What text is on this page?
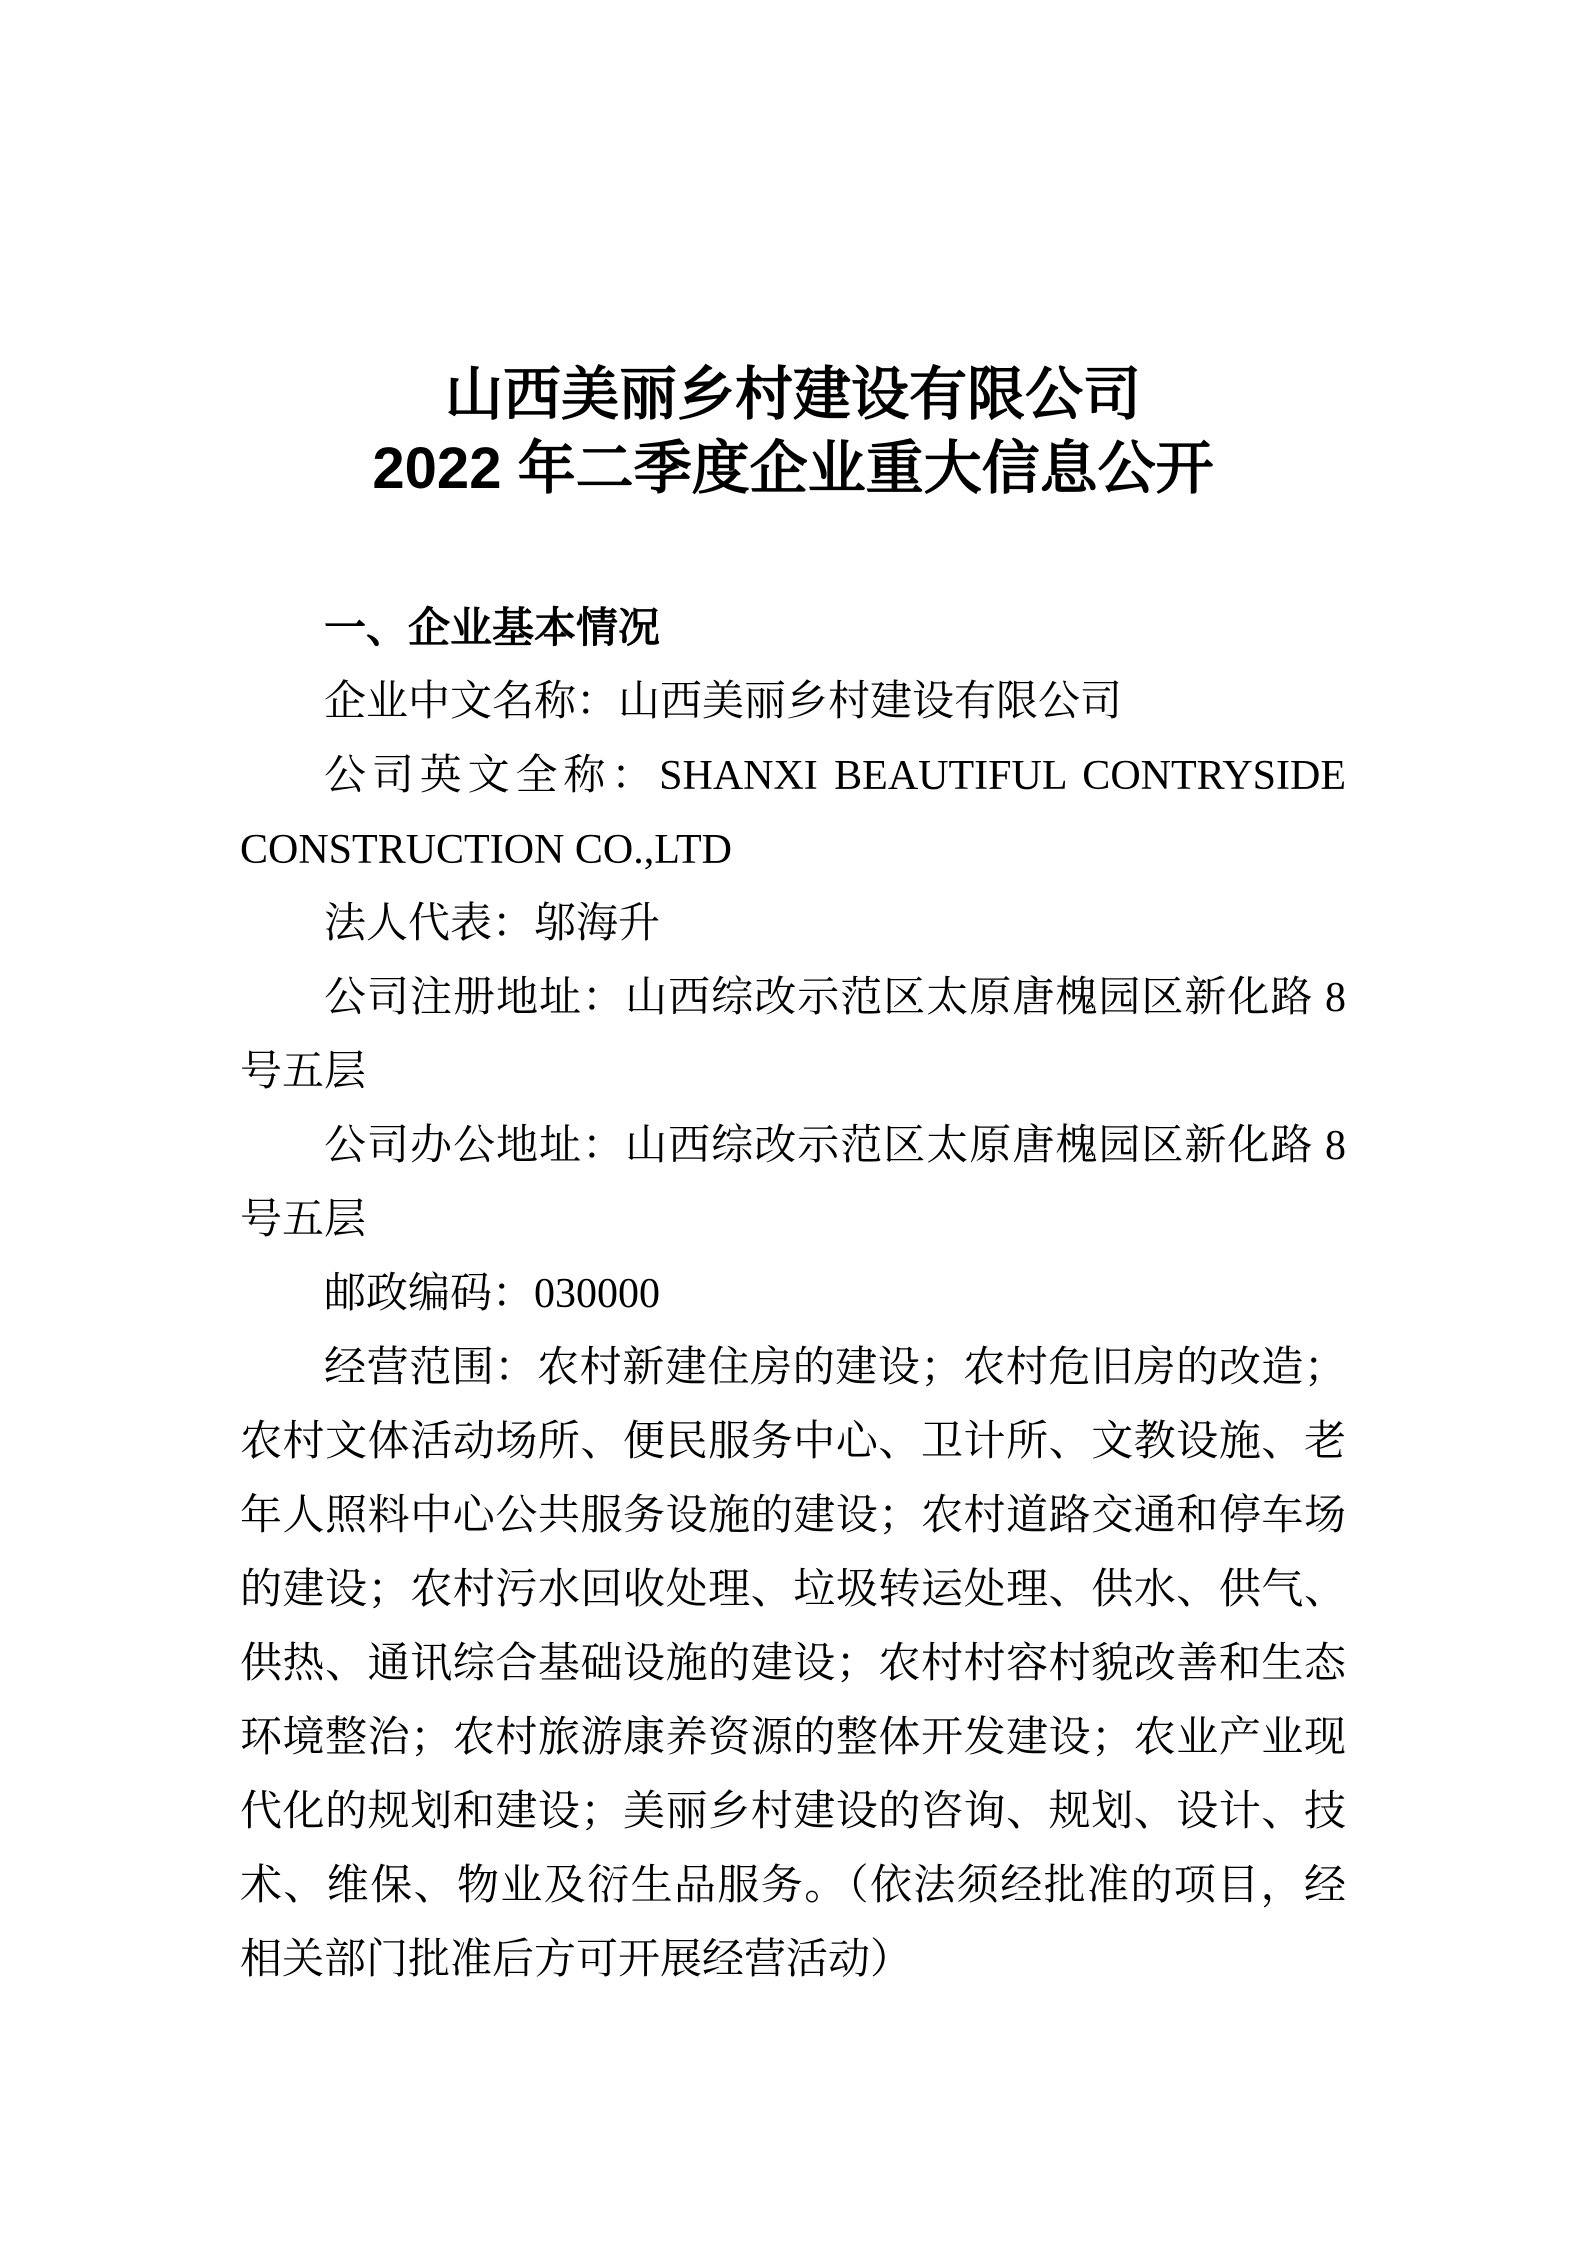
山西美丽乡村建设有限公司
2022 年二季度企业重大信息公开
一、企业基本情况
企业中文名称：山西美丽乡村建设有限公司
公司英文全称：SHANXI BEAUTIFUL CONTRYSIDE
CONSTRUCTION CO.,LTD
法人代表：邬海升
公司注册地址：山西综改示范区太原唐槐园区新化路 8
号五层
公司办公地址：山西综改示范区太原唐槐园区新化路 8
号五层
邮政编码：030000
经营范围：农村新建住房的建设；农村危旧房的改造；
农村文体活动场所、便民服务中心、卫计所、文教设施、老
年人照料中心公共服务设施的建设；农村道路交通和停车场
的建设；农村污水回收处理、垃圾转运处理、供水、供气、
供热、通讯综合基础设施的建设；农村村容村貌改善和生态
环境整治；农村旅游康养资源的整体开发建设；农业产业现
代化的规划和建设；美丽乡村建设的咨询、规划、设计、技
术、维保、物业及衍生品服务。（依法须经批准的项目，经
相关部门批准后方可开展经营活动）
